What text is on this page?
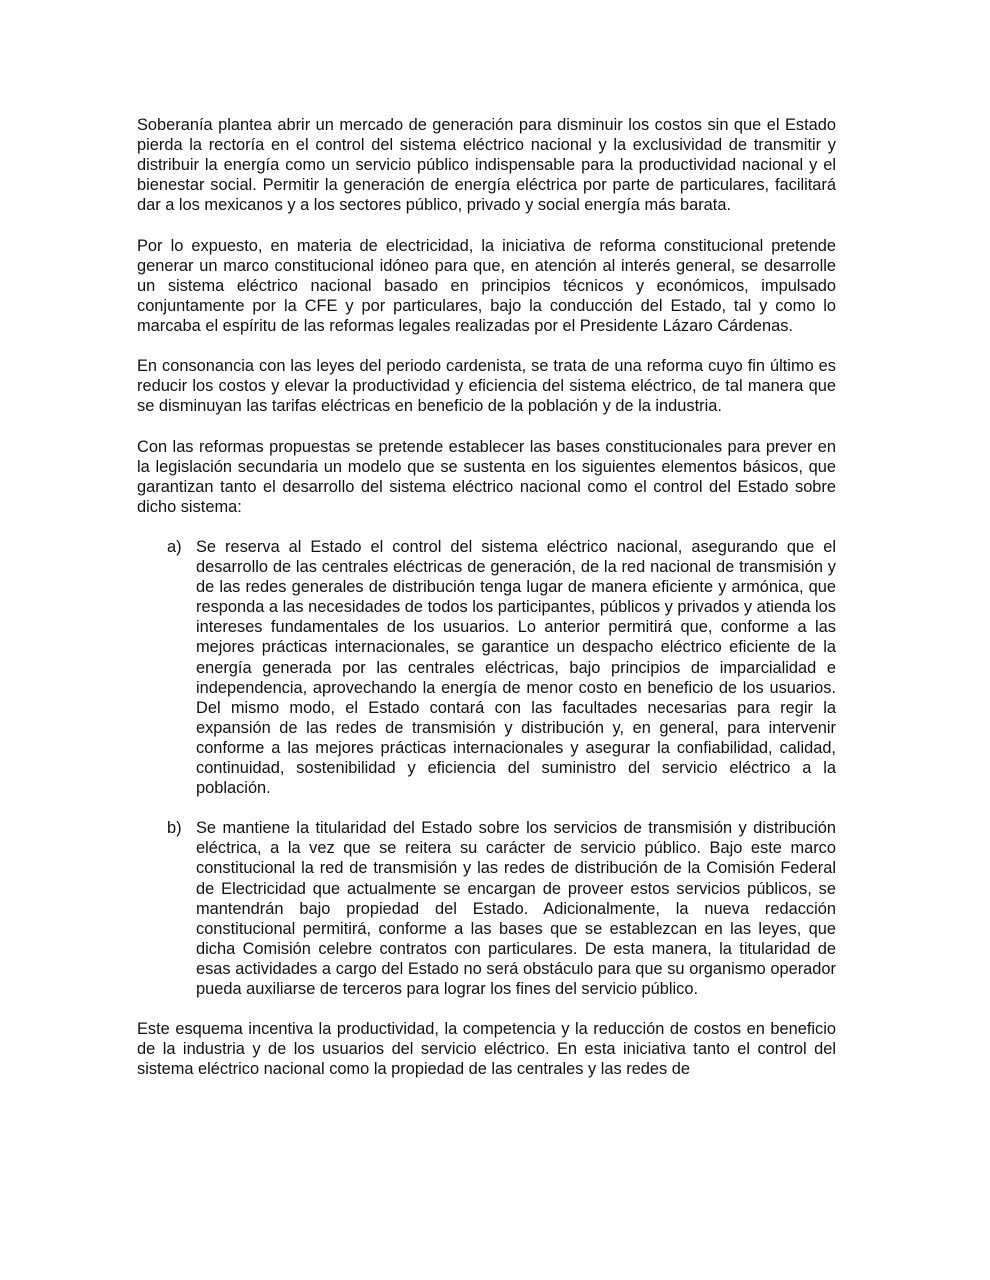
Soberanía plantea abrir un mercado de generación para disminuir los costos sin que el Estado pierda la rectoría en el control del sistema eléctrico nacional y la exclusividad de transmitir y distribuir la energía como un servicio público indispensable para la productividad nacional y el bienestar social. Permitir la generación de energía eléctrica por parte de particulares, facilitará dar a los mexicanos y a los sectores público, privado y social energía más barata.

Por lo expuesto, en materia de electricidad, la iniciativa de reforma constitucional pretende generar un marco constitucional idóneo para que, en atención al interés general, se desarrolle un sistema eléctrico nacional basado en principios técnicos y económicos, impulsado conjuntamente por la CFE y por particulares, bajo la conducción del Estado, tal y como lo marcaba el espíritu de las reformas legales realizadas por el Presidente Lázaro Cárdenas.

En consonancia con las leyes del periodo cardenista, se trata de una reforma cuyo fin último es reducir los costos y elevar la productividad y eficiencia del sistema eléctrico, de tal manera que se disminuyan las tarifas eléctricas en beneficio de la población y de la industria.

Con las reformas propuestas se pretende establecer las bases constitucionales para prever en la legislación secundaria un modelo que se sustenta en los siguientes elementos básicos, que garantizan tanto el desarrollo del sistema eléctrico nacional como el control del Estado sobre dicho sistema:

a) Se reserva al Estado el control del sistema eléctrico nacional, asegurando que el desarrollo de las centrales eléctricas de generación, de la red nacional de transmisión y de las redes generales de distribución tenga lugar de manera eficiente y armónica, que responda a las necesidades de todos los participantes, públicos y privados y atienda los intereses fundamentales de los usuarios. Lo anterior permitirá que, conforme a las mejores prácticas internacionales, se garantice un despacho eléctrico eficiente de la energía generada por las centrales eléctricas, bajo principios de imparcialidad e independencia, aprovechando la energía de menor costo en beneficio de los usuarios. Del mismo modo, el Estado contará con las facultades necesarias para regir la expansión de las redes de transmisión y distribución y, en general, para intervenir conforme a las mejores prácticas internacionales y asegurar la confiabilidad, calidad, continuidad, sostenibilidad y eficiencia del suministro del servicio eléctrico a la población.
b) Se mantiene la titularidad del Estado sobre los servicios de transmisión y distribución eléctrica, a la vez que se reitera su carácter de servicio público. Bajo este marco constitucional la red de transmisión y las redes de distribución de la Comisión Federal de Electricidad que actualmente se encargan de proveer estos servicios públicos, se mantendrán bajo propiedad del Estado. Adicionalmente, la nueva redacción constitucional permitirá, conforme a las bases que se establezcan en las leyes, que dicha Comisión celebre contratos con particulares. De esta manera, la titularidad de esas actividades a cargo del Estado no será obstáculo para que su organismo operador pueda auxiliarse de terceros para lograr los fines del servicio público.

Este esquema incentiva la productividad, la competencia y la reducción de costos en beneficio de la industria y de los usuarios del servicio eléctrico. En esta iniciativa tanto el control del sistema eléctrico nacional como la propiedad de las centrales y las redes de
